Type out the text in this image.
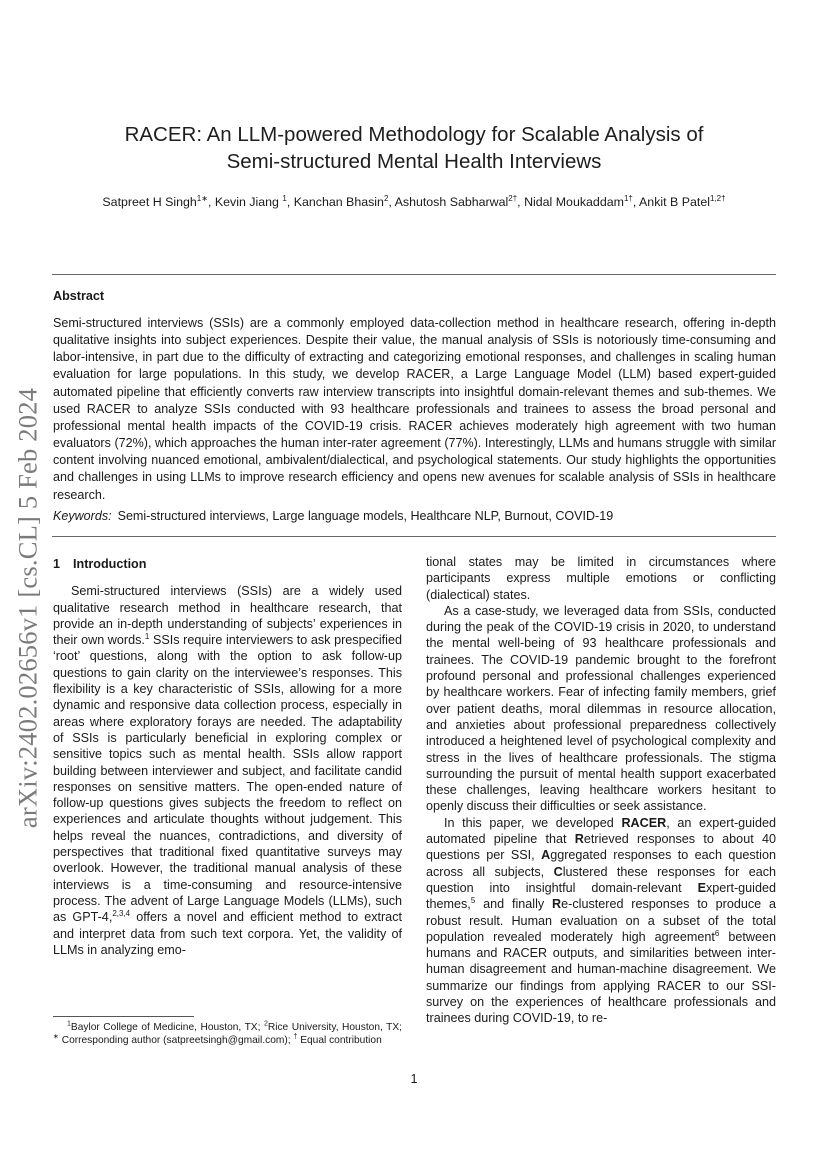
arXiv:2402.02656v1 [cs.CL] 5 Feb 2024
RACER: An LLM-powered Methodology for Scalable Analysis of
Semi-structured Mental Health Interviews
Satpreet H Singh$^{1∗}$, Kevin Jiang $^1$, Kanchan Bhasin$^2$, Ashutosh Sabharwal$^{2\dagger}$, Nidal Moukaddam$^{1\dagger}$, Ankit B Patel$^{1,2\dagger}$
Abstract

Semi-structured interviews (SSIs) are a commonly employed data-collection method in healthcare research, offering in-depth qualitative insights into subject experiences. Despite their value, the manual analysis of SSIs is notoriously time-consuming and labor-intensive, in part due to the difficulty of extracting and categorizing emotional responses, and challenges in scaling human evaluation for large populations. In this study, we develop RACER, a Large Language Model (LLM) based expert-guided automated pipeline that efficiently converts raw interview transcripts into insightful domain-relevant themes and sub-themes. We used RACER to analyze SSIs conducted with 93 healthcare professionals and trainees to assess the broad personal and professional mental health impacts of the COVID-19 crisis. RACER achieves moderately high agreement with two human evaluators (72%), which approaches the human inter-rater agreement (77%). Interestingly, LLMs and humans struggle with similar content involving nuanced emotional, ambivalent/dialectical, and psychological statements. Our study highlights the opportunities and challenges in using LLMs to improve research efficiency and opens new avenues for scalable analysis of SSIs in healthcare research.

Keywords: Semi-structured interviews, Large language models, Healthcare NLP, Burnout, COVID-19
1 Introduction

Semi-structured interviews (SSIs) are a widely used qualitative research method in healthcare research, that provide an in-depth understanding of subjects’ experiences in their own words.$^1$ SSIs require interviewers to ask prespecified ‘root’ questions, along with the option to ask follow-up questions to gain clarity on the interviewee’s responses. This flexibility is a key characteristic of SSIs, allowing for a more dynamic and responsive data collection process, especially in areas where exploratory forays are needed. The adaptability of SSIs is particularly beneficial in exploring complex or sensitive topics such as mental health. SSIs allow rapport building between interviewer and subject, and facilitate candid responses on sensitive matters. The open-ended nature of follow-up questions gives subjects the freedom to reflect on experiences and articulate thoughts without judgement. This helps reveal the nuances, contradictions, and diversity of perspectives that traditional fixed quantitative surveys may overlook. However, the traditional manual analysis of these interviews is a time-consuming and resource-intensive process. The advent of Large Language Models (LLMs), such as GPT-4,$^{2,3,4}$ offers a novel and efficient method to extract and interpret data from such text corpora. Yet, the validity of LLMs in analyzing emo-

tional states may be limited in circumstances where participants express multiple emotions or conflicting (dialectical) states.

As a case-study, we leveraged data from SSIs, conducted during the peak of the COVID-19 crisis in 2020, to understand the mental well-being of 93 healthcare professionals and trainees. The COVID-19 pandemic brought to the forefront profound personal and professional challenges experienced by healthcare workers. Fear of infecting family members, grief over patient deaths, moral dilemmas in resource allocation, and anxieties about professional preparedness collectively introduced a heightened level of psychological complexity and stress in the lives of healthcare professionals. The stigma surrounding the pursuit of mental health support exacerbated these challenges, leaving healthcare workers hesitant to openly discuss their difficulties or seek assistance.

In this paper, we developed RACER, an expert-guided automated pipeline that Retrieved responses to about 40 questions per SSI, Aggregated responses to each question across all subjects, Clustered these responses for each question into insightful domain-relevant Expert-guided themes,$^5$ and finally Re-clustered responses to produce a robust result. Human evaluation on a subset of the total population revealed moderately high agreement$^6$ between humans and RACER outputs, and similarities between inter-human disagreement and human-machine disagreement. We summarize our findings from applying RACER to our SSI-survey on the experiences of healthcare professionals and trainees during COVID-19, to re-

$^1$Baylor College of Medicine, Houston, TX; $^2$Rice University, Houston, TX; ∗ Corresponding author (satpreetsingh@gmail.com); † Equal contribution

1
